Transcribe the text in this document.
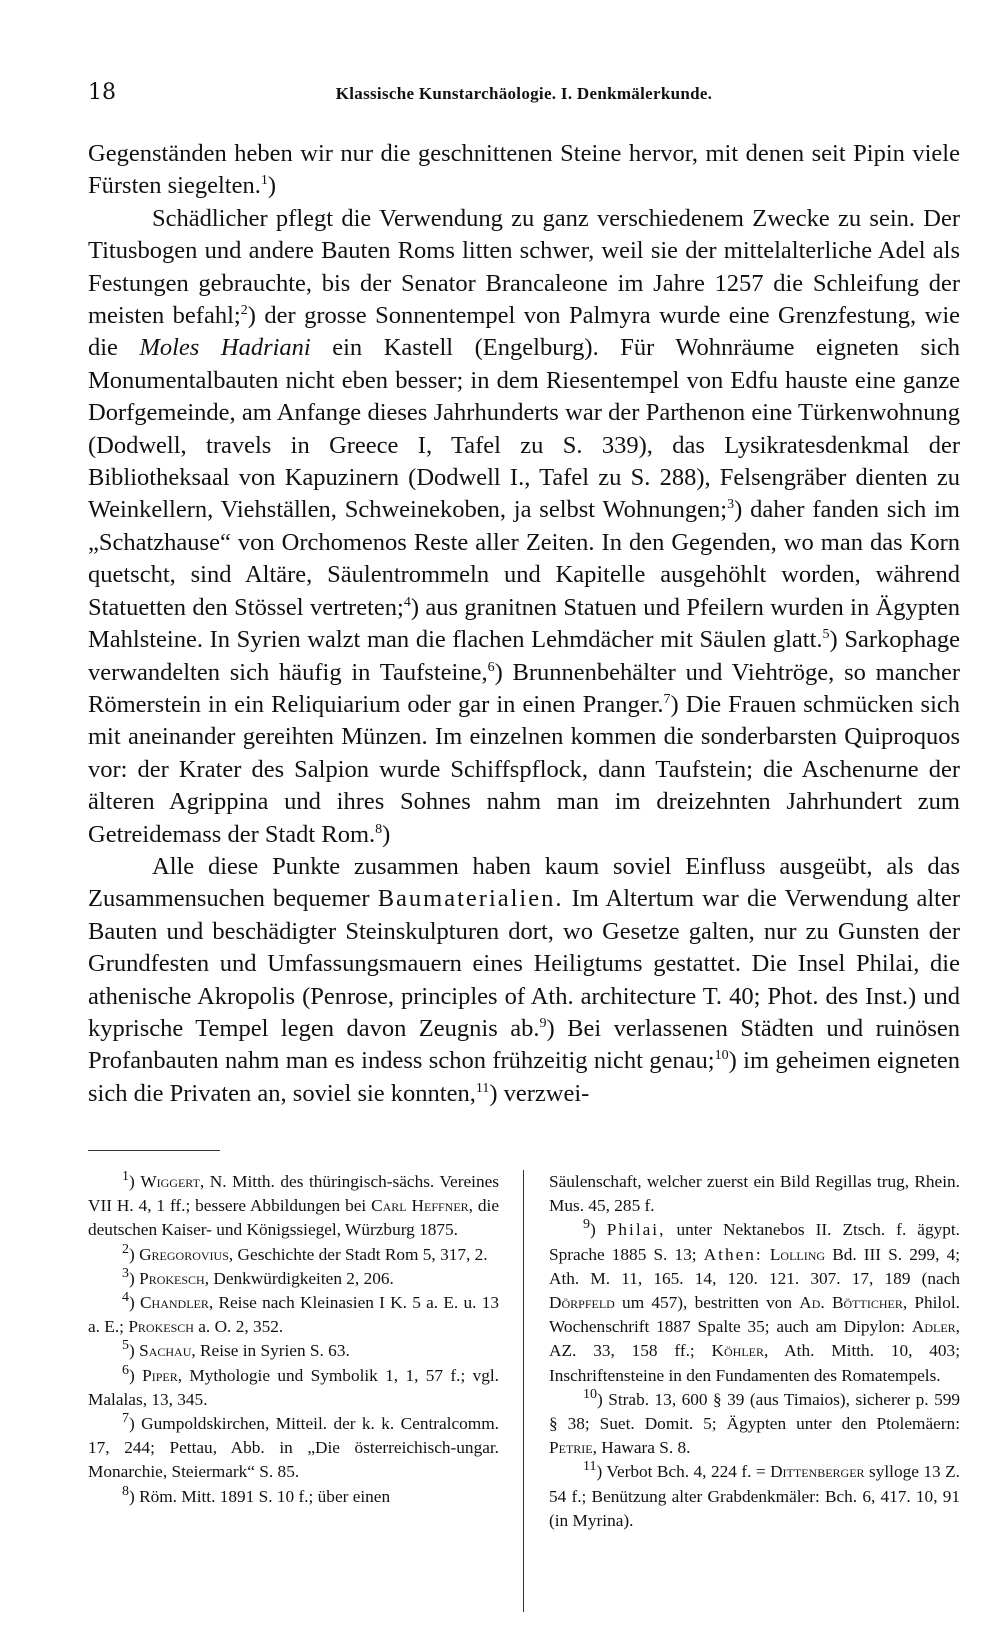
18	Klassische Kunstarchäologie. I. Denkmälerkunde.

Gegenständen heben wir nur die geschnittenen Steine hervor, mit denen seit Pipin viele Fürsten siegelten.$^1$)

Schädlicher pflegt die Verwendung zu ganz verschiedenem Zwecke zu sein. Der Titusbogen und andere Bauten Roms litten schwer, weil sie der mittelalterliche Adel als Festungen gebrauchte, bis der Senator Brancaleone im Jahre 1257 die Schleifung der meisten befahl;$^2$) der grosse Sonnentempel von Palmyra wurde eine Grenzfestung, wie die Moles Hadriani ein Kastell (Engelburg). Für Wohnräume eigneten sich Monumentalbauten nicht eben besser; in dem Riesentempel von Edfu hauste eine ganze Dorfgemeinde, am Anfange dieses Jahrhunderts war der Parthenon eine Türkenwohnung (Dodwell, travels in Greece I, Tafel zu S. 339), das Lysikratesdenkmal der Bibliotheksaal von Kapuzinern (Dodwell I., Tafel zu S. 288), Felsengräber dienten zu Weinkellern, Viehställen, Schweinekoben, ja selbst Wohnungen;$^3$) daher fanden sich im „Schatzhause“ von Orchomenos Reste aller Zeiten. In den Gegenden, wo man das Korn quetscht, sind Altäre, Säulentrommeln und Kapitelle ausgehöhlt worden, während Statuetten den Stössel vertreten;$^4$) aus granitnen Statuen und Pfeilern wurden in Ägypten Mahlsteine. In Syrien walzt man die flachen Lehmdächer mit Säulen glatt.$^5$) Sarkophage verwandelten sich häufig in Taufsteine,$^6$) Brunnenbehälter und Viehtröge, so mancher Römerstein in ein Reliquiarium oder gar in einen Pranger.$^7$) Die Frauen schmücken sich mit aneinander gereihten Münzen. Im einzelnen kommen die sonderbarsten Quiproquos vor: der Krater des Salpion wurde Schiffspflock, dann Taufstein; die Aschenurne der älteren Agrippina und ihres Sohnes nahm man im dreizehnten Jahrhundert zum Getreidemass der Stadt Rom.$^8$)

Alle diese Punkte zusammen haben kaum soviel Einfluss ausgeübt, als das Zusammensuchen bequemer Baumaterialien. Im Altertum war die Verwendung alter Bauten und beschädigter Steinskulpturen dort, wo Gesetze galten, nur zu Gunsten der Grundfesten und Umfassungsmauern eines Heiligtums gestattet. Die Insel Philai, die athenische Akropolis (Penrose, principles of Ath. architecture T. 40; Phot. des Inst.) und kyprische Tempel legen davon Zeugnis ab.$^9$) Bei verlassenen Städten und ruinösen Profanbauten nahm man es indess schon frühzeitig nicht genau;$^{10}$) im geheimen eigneten sich die Privaten an, soviel sie konnten,$^{11}$) verzwei-

$^1$) Wiggert, N. Mitth. des thüringisch-sächs. Vereines VII H. 4, 1 ff.; bessere Abbildungen bei Carl Heffner, die deutschen Kaiser- und Königssiegel, Würzburg 1875.

$^2$) Gregorovius, Geschichte der Stadt Rom 5, 317, 2.

$^3$) Prokesch, Denkwürdigkeiten 2, 206.

$^4$) Chandler, Reise nach Kleinasien I K. 5 a. E. u. 13 a. E.; Prokesch a. O. 2, 352.

$^5$) Sachau, Reise in Syrien S. 63.

$^6$) Piper, Mythologie und Symbolik 1, 1, 57 f.; vgl. Malalas, 13, 345.

$^7$) Gumpoldskirchen, Mitteil. der k. k. Centralcomm. 17, 244; Pettau, Abb. in „Die österreichisch-ungar. Monarchie, Steiermark“ S. 85.

$^8$) Röm. Mitt. 1891 S. 10 f.; über einen

Säulenschaft, welcher zuerst ein Bild Regillas trug, Rhein. Mus. 45, 285 f.

$^9$) Philai, unter Nektanebos II. Ztsch. f. ägypt. Sprache 1885 S. 13; Athen: Lolling Bd. III S. 299, 4; Ath. M. 11, 165. 14, 120. 121. 307. 17, 189 (nach Dörpfeld um 457), bestritten von Ad. Bötticher, Philol. Wochenschrift 1887 Spalte 35; auch am Dipylon: Adler, AZ. 33, 158 ff.; Köhler, Ath. Mitth. 10, 403; Inschriftensteine in den Fundamenten des Romatempels.

$^{10}$) Strab. 13, 600 § 39 (aus Timaios), sicherer p. 599 § 38; Suet. Domit. 5; Ägypten unter den Ptolemäern: Petrie, Hawara S. 8.

$^{11}$) Verbot Bch. 4, 224 f. = Dittenberger sylloge 13 Z. 54 f.; Benützung alter Grabdenkmäler: Bch. 6, 417. 10, 91 (in Myrina).
